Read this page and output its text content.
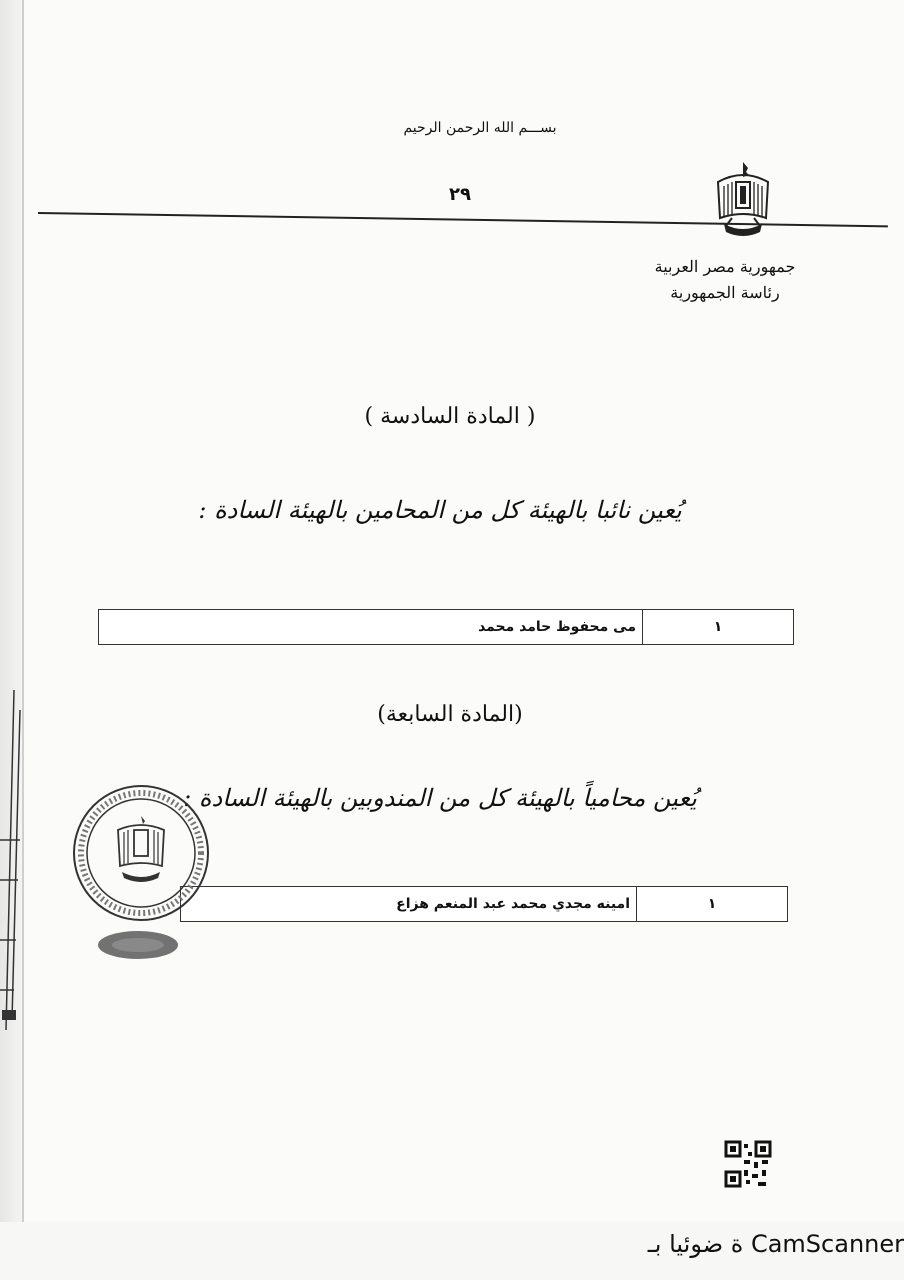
بســـم الله الرحمن الرحيم
٢٩
جمهورية مصر العربية
رئاسة الجمهورية
( المادة السادسة )
يُعين نائبا بالهيئة كل من المحامين بالهيئة السادة :
١
مى محفوظ حامد محمد
(المادة السابعة)
يُعين محامياً بالهيئة كل من المندوبين بالهيئة السادة :
١
امينه مجدي محمد عبد المنعم هزاع
ة ضوئيا بـ CamScanner
